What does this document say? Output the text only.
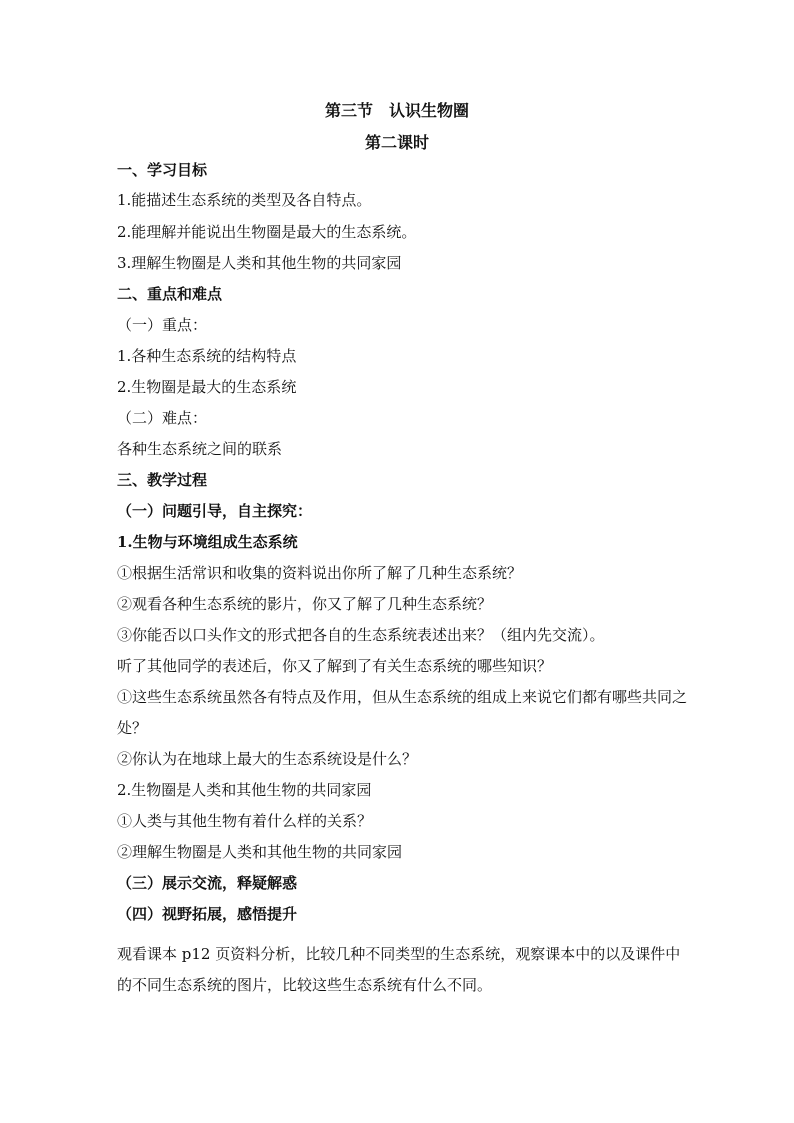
第三节　认识生物圈
第二课时
一、学习目标
1.能描述生态系统的类型及各自特点。
2.能理解并能说出生物圈是最大的生态系统。
3.理解生物圈是人类和其他生物的共同家园
二、重点和难点
（一）重点：
1.各种生态系统的结构特点
2.生物圈是最大的生态系统
（二）难点：
各种生态系统之间的联系
三、教学过程
（一）问题引导，自主探究：
1.生物与环境组成生态系统
①根据生活常识和收集的资料说出你所了解了几种生态系统？
②观看各种生态系统的影片，你又了解了几种生态系统？
③你能否以口头作文的形式把各自的生态系统表述出来？（组内先交流）。
听了其他同学的表述后，你又了解到了有关生态系统的哪些知识？
①这些生态系统虽然各有特点及作用，但从生态系统的组成上来说它们都有哪些共同之处？
②你认为在地球上最大的生态系统设是什么？
2.生物圈是人类和其他生物的共同家园
①人类与其他生物有着什么样的关系？
②理解生物圈是人类和其他生物的共同家园
（三）展示交流，释疑解惑
（四）视野拓展，感悟提升
观看课本 p12 页资料分析，比较几种不同类型的生态系统，观察课本中的以及课件中的不同生态系统的图片，比较这些生态系统有什么不同。
